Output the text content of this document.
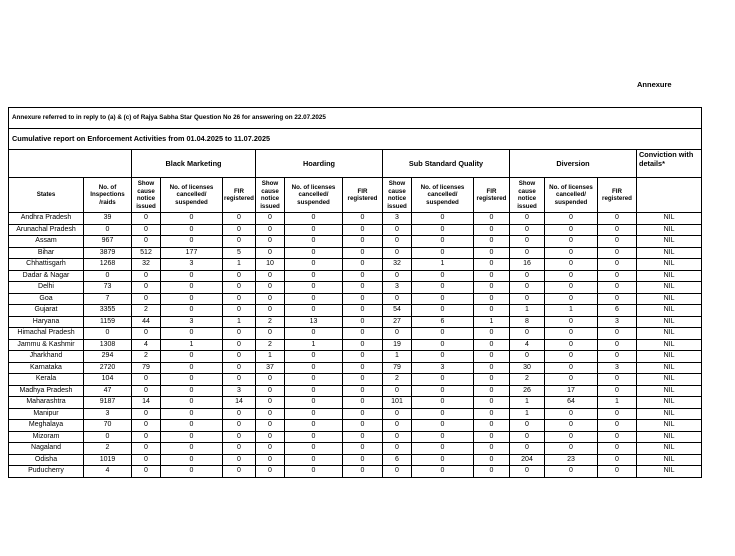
Annexure
Annexure referred to in reply to (a) & (c) of Rajya Sabha Star Question No 26 for answering on 22.07.2025														
Cumulative report on Enforcement Activities from 01.04.2025 to 11.07.2025														
		Black Marketing			Hoarding			Sub Standard Quality			Diversion			Conviction with details*
States	No. of Inspections /raids	Show cause notice issued	No. of licenses cancelled/ suspended	FIR registered	Show cause notice issued	No. of licenses cancelled/ suspended	FIR registered	Show cause notice issued	No. of licenses cancelled/ suspended	FIR registered	Show cause notice issued	No. of licenses cancelled/ suspended	FIR registered	
Andhra Pradesh	39	0	0	0	0	0	0	3	0	0	0	0	0	NIL
Arunachal Pradesh	0	0	0	0	0	0	0	0	0	0	0	0	0	NIL
Assam	967	0	0	0	0	0	0	0	0	0	0	0	0	NIL
Bihar	3879	512	177	5	0	0	0	0	0	0	0	0	0	NIL
Chhattisgarh	1268	32	3	1	10	0	0	32	1	0	16	0	0	NIL
Dadar & Nagar	0	0	0	0	0	0	0	0	0	0	0	0	0	NIL
Delhi	73	0	0	0	0	0	0	3	0	0	0	0	0	NIL
Goa	7	0	0	0	0	0	0	0	0	0	0	0	0	NIL
Gujarat	3355	2	0	0	0	0	0	54	0	0	1	1	6	NIL
Haryana	1159	44	3	1	2	13	0	27	6	1	8	0	3	NIL
Himachal Pradesh	0	0	0	0	0	0	0	0	0	0	0	0	0	NIL
Jammu & Kashmir	1308	4	1	0	2	1	0	19	0	0	4	0	0	NIL
Jharkhand	294	2	0	0	1	0	0	1	0	0	0	0	0	NIL
Karnataka	2720	79	0	0	37	0	0	79	3	0	30	0	3	NIL
Kerala	104	0	0	0	0	0	0	2	0	0	2	0	0	NIL
Madhya Pradesh	47	0	0	3	0	0	0	0	0	0	26	17	0	NIL
Maharashtra	9187	14	0	14	0	0	0	101	0	0	1	64	1	NIL
Manipur	3	0	0	0	0	0	0	0	0	0	1	0	0	NIL
Meghalaya	70	0	0	0	0	0	0	0	0	0	0	0	0	NIL
Mizoram	0	0	0	0	0	0	0	0	0	0	0	0	0	NIL
Nagaland	2	0	0	0	0	0	0	0	0	0	0	0	0	NIL
Odisha	1019	0	0	0	0	0	0	6	0	0	204	23	0	NIL
Puducherry	4	0	0	0	0	0	0	0	0	0	0	0	0	NIL
